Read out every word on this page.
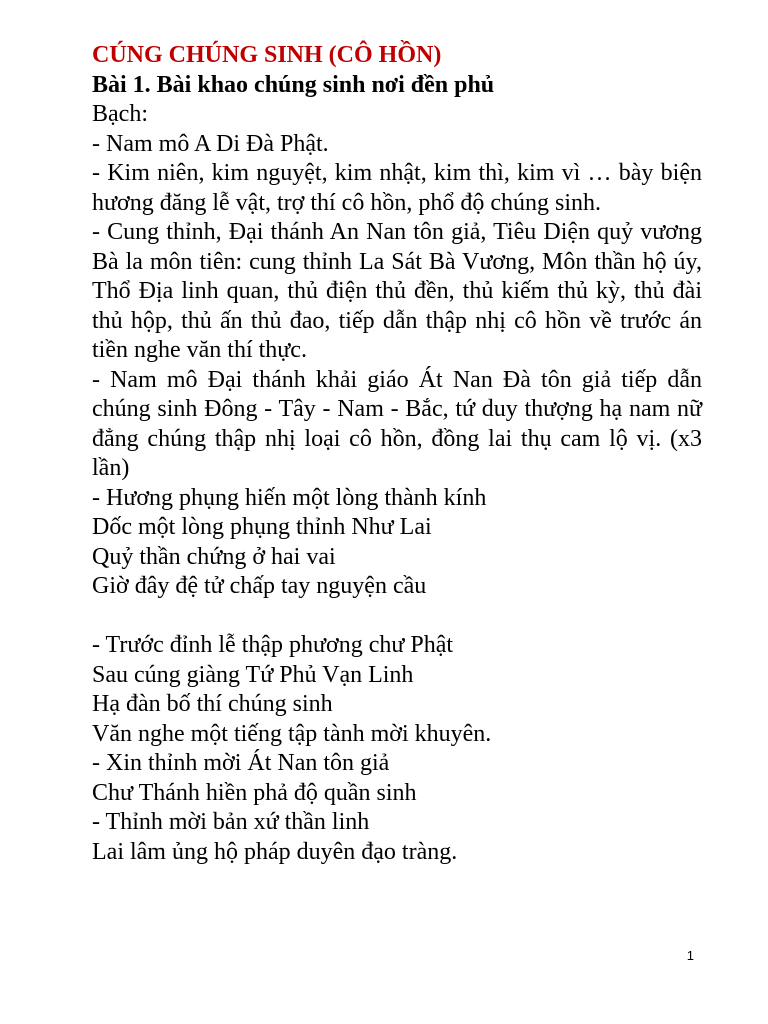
CÚNG CHÚNG SINH (CÔ HỒN)
Bài 1. Bài khao chúng sinh nơi đền phủ
Bạch:

- Nam mô A Di Đà Phật.

- Kim niên, kim nguyệt, kim nhật, kim thì, kim vì … bày biện hương đăng lễ vật, trợ thí cô hồn, phổ độ chúng sinh.

- Cung thỉnh, Đại thánh An Nan tôn giả, Tiêu Diện quỷ vương Bà la môn tiên: cung thỉnh La Sát Bà Vương, Môn thần hộ úy, Thổ Địa linh quan, thủ điện thủ đền, thủ kiếm thủ kỳ, thủ đài thủ hộp, thủ ấn thủ đao, tiếp dẫn thập nhị cô hồn về trước án tiền nghe văn thí thực.

- Nam mô Đại thánh khải giáo Át Nan Đà tôn giả tiếp dẫn chúng sinh Đông - Tây - Nam - Bắc, tứ duy thượng hạ nam nữ đẳng chúng thập nhị loại cô hồn, đồng lai thụ cam lộ vị. (x3 lần)

- Hương phụng hiến một lòng thành kính
Dốc một lòng phụng thỉnh Như Lai
Quỷ thần chứng ở hai vai
Giờ đây đệ tử chấp tay nguyện cầu
- Trước đỉnh lễ thập phương chư Phật
Sau cúng giàng Tứ Phủ Vạn Linh
Hạ đàn bố thí chúng sinh
Văn nghe một tiếng tập tành mời khuyên.
- Xin thỉnh mời Át Nan tôn giả
Chư Thánh hiền phả độ quần sinh
- Thỉnh mời bản xứ thần linh
Lai lâm ủng hộ pháp duyên đạo tràng.
1
